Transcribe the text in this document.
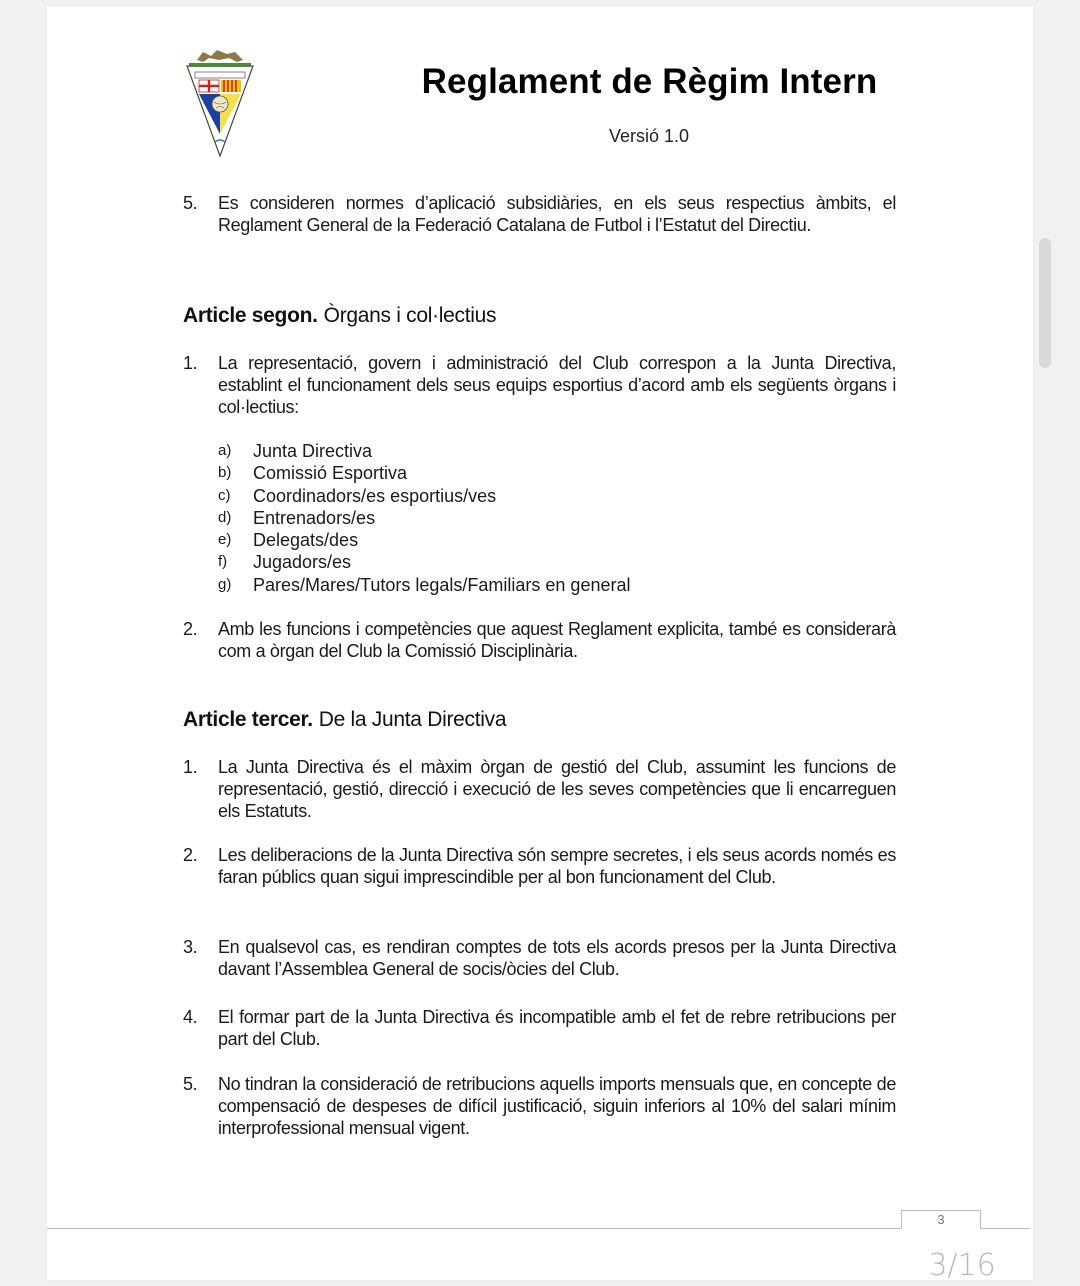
Reglament de Règim Intern
Versió 1.0
5.	Es consideren normes d’aplicació subsidiàries, en els seus respectius àmbits, el Reglament General de la Federació Catalana de Futbol i l’Estatut del Directiu.
Article segon. Òrgans i col·lectius
1.	La representació, govern i administració del Club correspon a la Junta Directiva, establint el funcionament dels seus equips esportius d’acord amb els següents òrgans i col·lectius:
a)	Junta Directiva
b)	Comissió Esportiva
c)	Coordinadors/es esportius/ves
d)	Entrenadors/es
e)	Delegats/des
f)	Jugadors/es
g)	Pares/Mares/Tutors legals/Familiars en general
2.	Amb les funcions i competències que aquest Reglament explicita, també es considerarà com a òrgan del Club la Comissió Disciplinària.
Article tercer. De la Junta Directiva
1.	La Junta Directiva és el màxim òrgan de gestió del Club, assumint les funcions de representació, gestió, direcció i execució de les seves competències que li encarreguen els Estatuts.
2.	Les deliberacions de la Junta Directiva són sempre secretes, i els seus acords només es faran públics quan sigui imprescindible per al bon funcionament del Club.
3.	En qualsevol cas, es rendiran comptes de tots els acords presos per la Junta Directiva davant l’Assemblea General de socis/òcies del Club.
4.	El formar part de la Junta Directiva és incompatible amb el fet de rebre retribucions per part del Club.
5.	No tindran la consideració de retribucions aquells imports mensuals que, en concepte de compensació de despeses de difícil justificació, siguin inferiors al 10% del salari mínim interprofessional mensual vigent.
3
3/16
